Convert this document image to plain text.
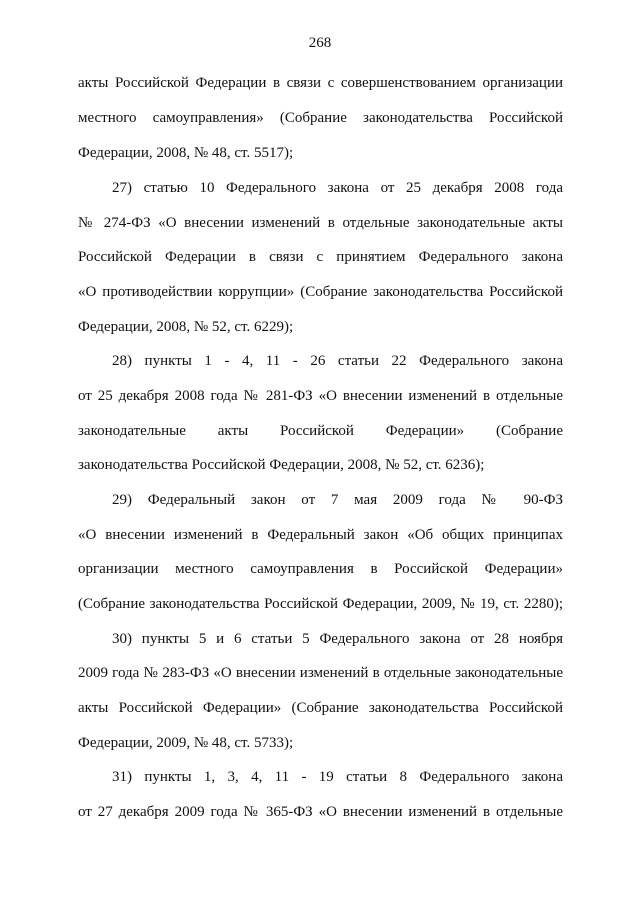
268
акты Российской Федерации в связи с совершенствованием организации
местного самоуправления» (Собрание законодательства Российской
Федерации, 2008, № 48, ст. 5517);
27) статью 10 Федерального закона от 25 декабря 2008 года
№ 274-ФЗ «О внесении изменений в отдельные законодательные акты
Российской Федерации в связи с принятием Федерального закона
«О противодействии коррупции» (Собрание законодательства Российской
Федерации, 2008, № 52, ст. 6229);
28) пункты 1 - 4, 11 - 26 статьи 22 Федерального закона
от 25 декабря 2008 года № 281-ФЗ «О внесении изменений в отдельные
законодательные акты Российской Федерации» (Собрание
законодательства Российской Федерации, 2008, № 52, ст. 6236);
29) Федеральный закон от 7 мая 2009 года № 90-ФЗ
«О внесении изменений в Федеральный закон «Об общих принципах
организации местного самоуправления в Российской Федерации»
(Собрание законодательства Российской Федерации, 2009, № 19, ст. 2280);
30) пункты 5 и 6 статьи 5 Федерального закона от 28 ноября
2009 года № 283-ФЗ «О внесении изменений в отдельные законодательные
акты Российской Федерации» (Собрание законодательства Российской
Федерации, 2009, № 48, ст. 5733);
31) пункты 1, 3, 4, 11 - 19 статьи 8 Федерального закона
от 27 декабря 2009 года № 365-ФЗ «О внесении изменений в отдельные
